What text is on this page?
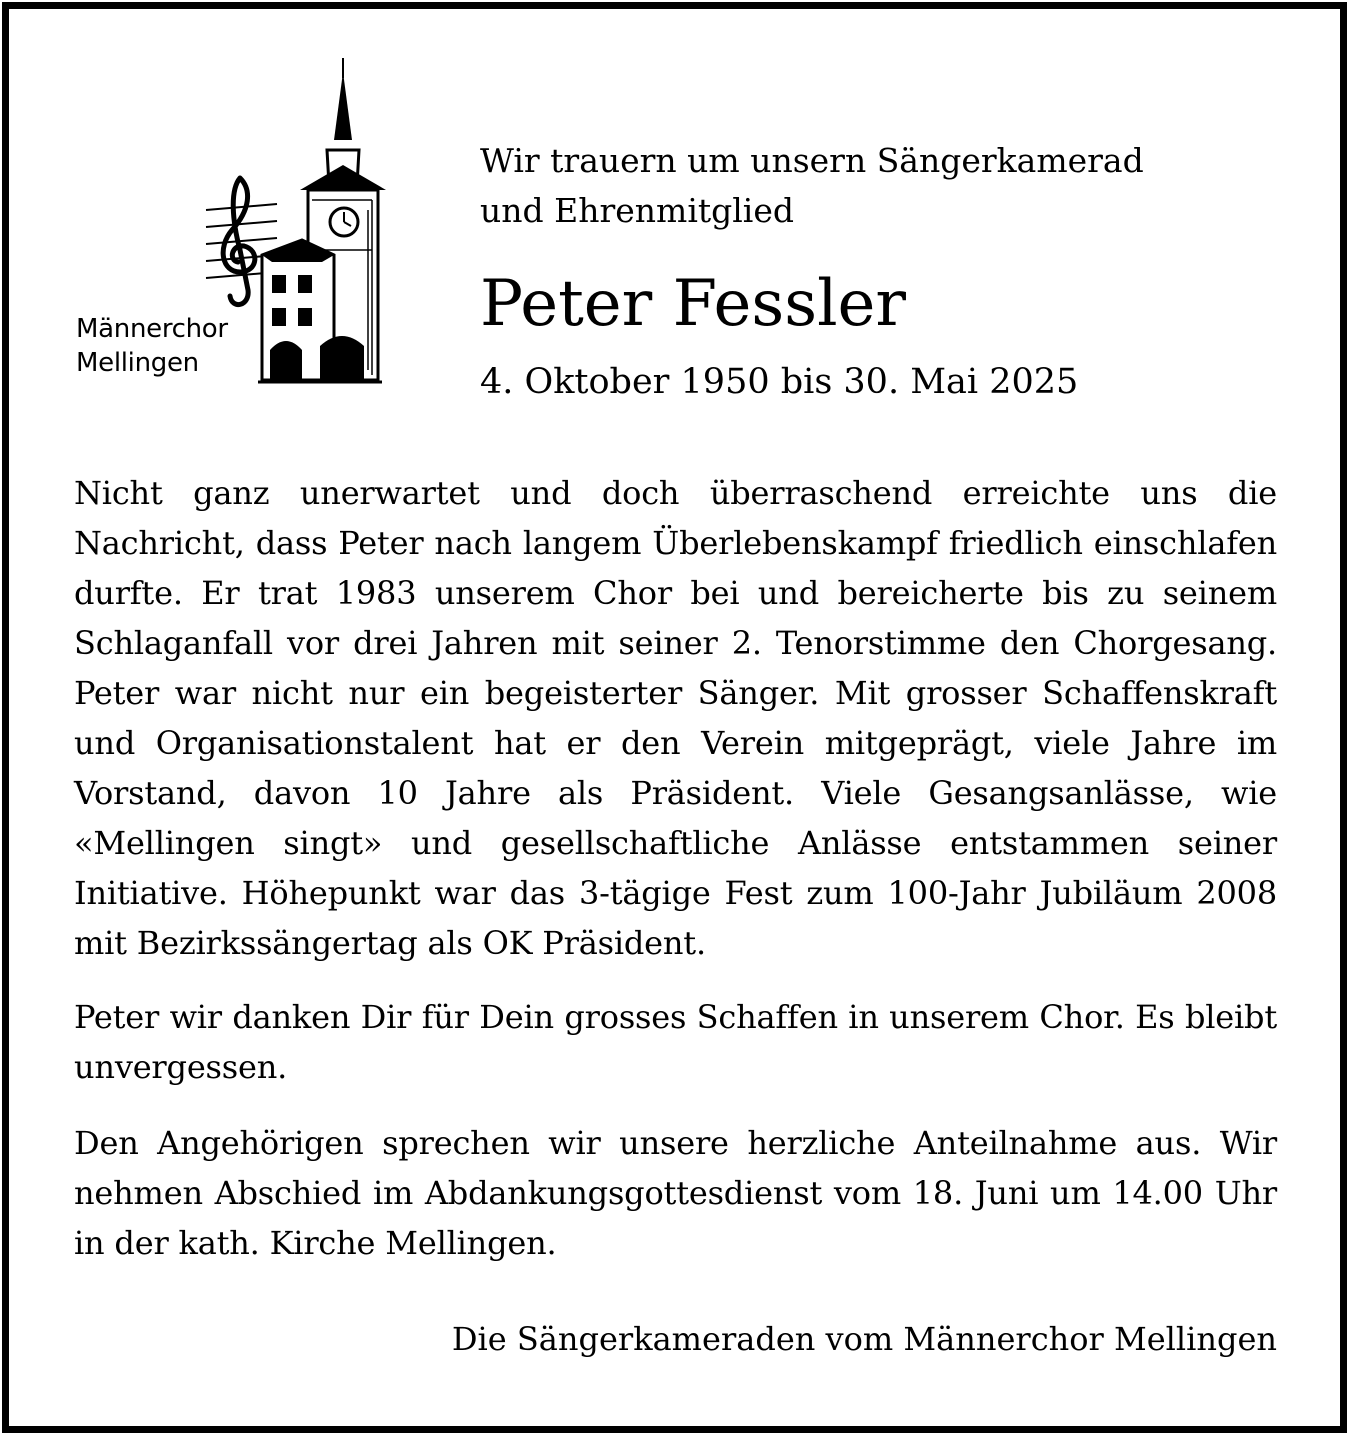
Männerchor
Mellingen
Wir trauern um unsern Sängerkamerad
und Ehrenmitglied
Peter Fessler
4. Oktober 1950 bis 30. Mai 2025

Nicht ganz unerwartet und doch überraschend erreichte uns die Nachricht, dass Peter nach langem Überlebenskampf friedlich einschlafen durfte. Er trat 1983 unserem Chor bei und bereicherte bis zu seinem Schlaganfall vor drei Jahren mit seiner 2. Tenorstimme den Chorgesang. Peter war nicht nur ein begeisterter Sänger. Mit grosser Schaffenskraft und Organisationstalent hat er den Verein mitgeprägt, viele Jahre im Vorstand, davon 10 Jahre als Präsident. Viele Gesangsanlässe, wie «Mellingen singt» und gesellschaftliche Anlässe entstammen seiner Initiative. Höhepunkt war das 3-tägige Fest zum 100-Jahr Jubiläum 2008 mit Bezirkssängertag als OK Präsident.

Peter wir danken Dir für Dein grosses Schaffen in unserem Chor. Es bleibt unvergessen.

Den Angehörigen sprechen wir unsere herzliche Anteilnahme aus. Wir nehmen Abschied im Abdankungsgottesdienst vom 18. Juni um 14.00 Uhr in der kath. Kirche Mellingen.

Die Sängerkameraden vom Männerchor Mellingen
